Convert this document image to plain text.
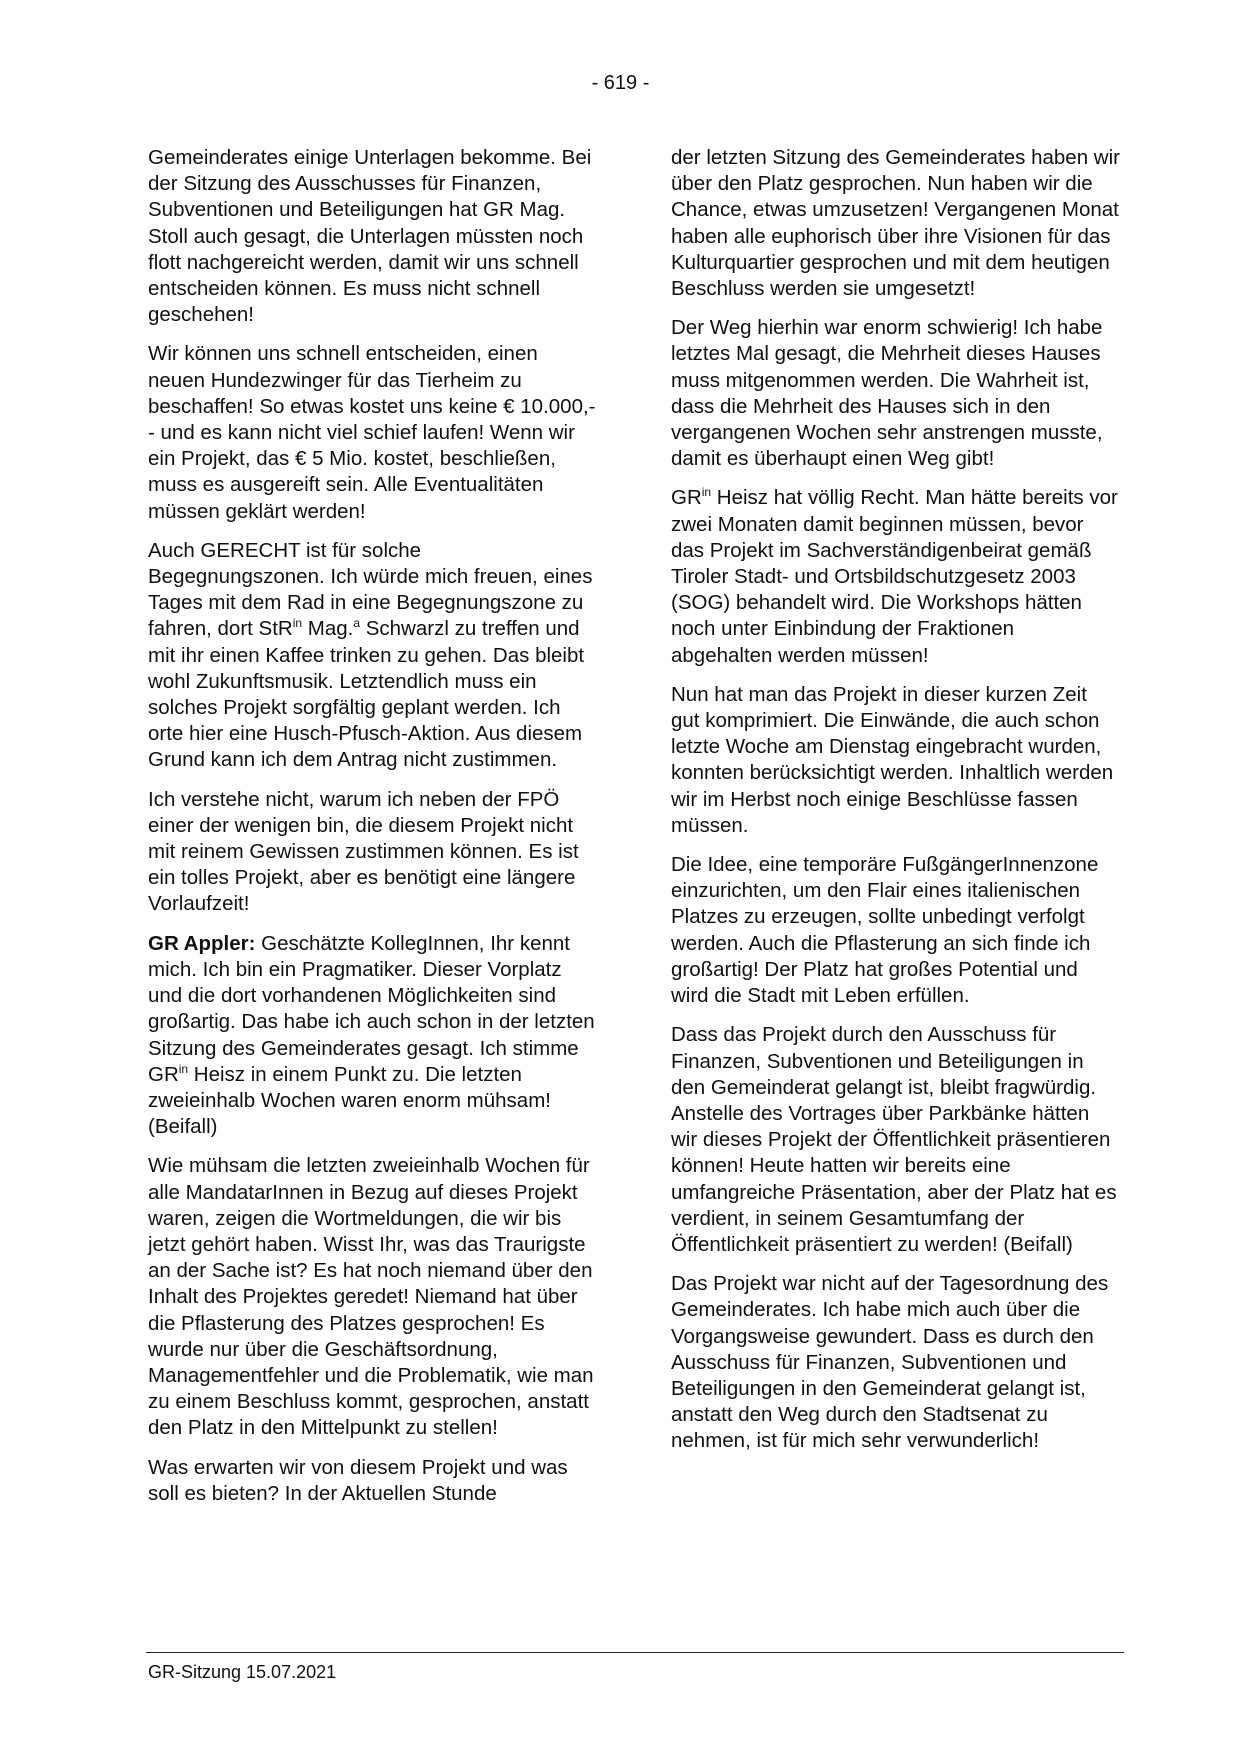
- 619 -

Gemeinderates einige Unterlagen bekomme. Bei der Sitzung des Ausschusses für Finanzen, Subventionen und Beteiligungen hat GR Mag. Stoll auch gesagt, die Unterlagen müssten noch flott nachgereicht werden, damit wir uns schnell entscheiden können. Es muss nicht schnell geschehen!

Wir können uns schnell entscheiden, einen neuen Hundezwinger für das Tierheim zu beschaffen! So etwas kostet uns keine € 10.000,-- und es kann nicht viel schief laufen! Wenn wir ein Projekt, das € 5 Mio. kostet, beschließen, muss es ausgereift sein. Alle Eventualitäten müssen geklärt werden!

Auch GERECHT ist für solche Begegnungszonen. Ich würde mich freuen, eines Tages mit dem Rad in eine Begegnungszone zu fahren, dort StR$^{in}$ Mag.$^a$ Schwarzl zu treffen und mit ihr einen Kaffee trinken zu gehen. Das bleibt wohl Zukunftsmusik. Letztendlich muss ein solches Projekt sorgfältig geplant werden. Ich orte hier eine Husch-Pfusch-Aktion. Aus diesem Grund kann ich dem Antrag nicht zustimmen.

Ich verstehe nicht, warum ich neben der FPÖ einer der wenigen bin, die diesem Projekt nicht mit reinem Gewissen zustimmen können. Es ist ein tolles Projekt, aber es benötigt eine längere Vorlaufzeit!

GR Appler: Geschätzte KollegInnen, Ihr kennt mich. Ich bin ein Pragmatiker. Dieser Vorplatz und die dort vorhandenen Möglichkeiten sind großartig. Das habe ich auch schon in der letzten Sitzung des Gemeinderates gesagt. Ich stimme $GR^{in}$ Heisz in einem Punkt zu. Die letzten zweieinhalb Wochen waren enorm mühsam! (Beifall)

Wie mühsam die letzten zweieinhalb Wochen für alle MandatarInnen in Bezug auf dieses Projekt waren, zeigen die Wortmeldungen, die wir bis jetzt gehört haben. Wisst Ihr, was das Traurigste an der Sache ist? Es hat noch niemand über den Inhalt des Projektes geredet! Niemand hat über die Pflasterung des Platzes gesprochen! Es wurde nur über die Geschäftsordnung, Managementfehler und die Problematik, wie man zu einem Beschluss kommt, gesprochen, anstatt den Platz in den Mittelpunkt zu stellen!

Was erwarten wir von diesem Projekt und was soll es bieten? In der Aktuellen Stunde

der letzten Sitzung des Gemeinderates haben wir über den Platz gesprochen. Nun haben wir die Chance, etwas umzusetzen! Vergangenen Monat haben alle euphorisch über ihre Visionen für das Kulturquartier gesprochen und mit dem heutigen Beschluss werden sie umgesetzt!

Der Weg hierhin war enorm schwierig! Ich habe letztes Mal gesagt, die Mehrheit dieses Hauses muss mitgenommen werden. Die Wahrheit ist, dass die Mehrheit des Hauses sich in den vergangenen Wochen sehr anstrengen musste, damit es überhaupt einen Weg gibt!

$GR^{in}$ Heisz hat völlig Recht. Man hätte bereits vor zwei Monaten damit beginnen müssen, bevor das Projekt im Sachverständigenbeirat gemäß Tiroler Stadt- und Ortsbildschutzgesetz 2003 (SOG) behandelt wird. Die Workshops hätten noch unter Einbindung der Fraktionen abgehalten werden müssen!

Nun hat man das Projekt in dieser kurzen Zeit gut komprimiert. Die Einwände, die auch schon letzte Woche am Dienstag eingebracht wurden, konnten berücksichtigt werden. Inhaltlich werden wir im Herbst noch einige Beschlüsse fassen müssen.

Die Idee, eine temporäre FußgängerInnenzone einzurichten, um den Flair eines italienischen Platzes zu erzeugen, sollte unbedingt verfolgt werden. Auch die Pflasterung an sich finde ich großartig! Der Platz hat großes Potential und wird die Stadt mit Leben erfüllen.

Dass das Projekt durch den Ausschuss für Finanzen, Subventionen und Beteiligungen in den Gemeinderat gelangt ist, bleibt fragwürdig. Anstelle des Vortrages über Parkbänke hätten wir dieses Projekt der Öffentlichkeit präsentieren können! Heute hatten wir bereits eine umfangreiche Präsentation, aber der Platz hat es verdient, in seinem Gesamtumfang der Öffentlichkeit präsentiert zu werden! (Beifall)

Das Projekt war nicht auf der Tagesordnung des Gemeinderates. Ich habe mich auch über die Vorgangsweise gewundert. Dass es durch den Ausschuss für Finanzen, Subventionen und Beteiligungen in den Gemeinderat gelangt ist, anstatt den Weg durch den Stadtsenat zu nehmen, ist für mich sehr verwunderlich!

GR-Sitzung 15.07.2021
